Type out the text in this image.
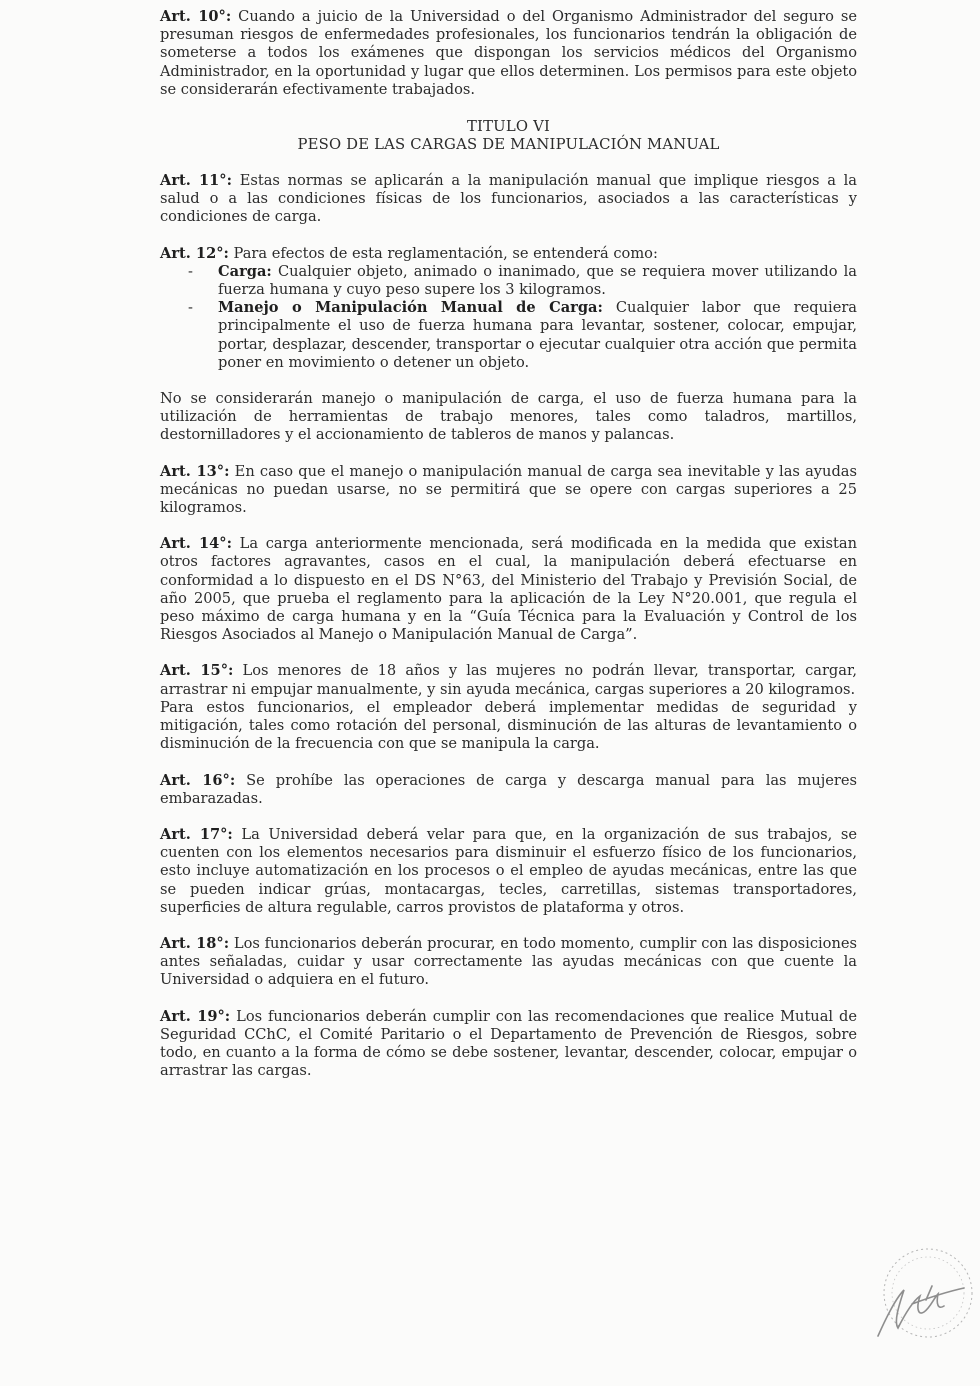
Art. 10°: Cuando a juicio de la Universidad o del Organismo Administrador del seguro se presuman riesgos de enfermedades profesionales, los funcionarios tendrán la obligación de someterse a todos los exámenes que dispongan los servicios médicos del Organismo Administrador, en la oportunidad y lugar que ellos determinen. Los permisos para este objeto se considerarán efectivamente trabajados.

TITULO VI
PESO DE LAS CARGAS DE MANIPULACIÓN MANUAL

Art. 11°: Estas normas se aplicarán a la manipulación manual que implique riesgos a la salud o a las condiciones físicas de los funcionarios, asociados a las características y condiciones de carga.

Art. 12°: Para efectos de esta reglamentación, se entenderá como:

- Carga: Cualquier objeto, animado o inanimado, que se requiera mover utilizando la fuerza humana y cuyo peso supere los 3 kilogramos.
- Manejo o Manipulación Manual de Carga: Cualquier labor que requiera principalmente el uso de fuerza humana para levantar, sostener, colocar, empujar, portar, desplazar, descender, transportar o ejecutar cualquier otra acción que permita poner en movimiento o detener un objeto.

No se considerarán manejo o manipulación de carga, el uso de fuerza humana para la utilización de herramientas de trabajo menores, tales como taladros, martillos, destornilladores y el accionamiento de tableros de manos y palancas.

Art. 13°: En caso que el manejo o manipulación manual de carga sea inevitable y las ayudas mecánicas no puedan usarse, no se permitirá que se opere con cargas superiores a 25 kilogramos.

Art. 14°: La carga anteriormente mencionada, será modificada en la medida que existan otros factores agravantes, casos en el cual, la manipulación deberá efectuarse en conformidad a lo dispuesto en el DS N°63, del Ministerio del Trabajo y Previsión Social, de año 2005, que prueba el reglamento para la aplicación de la Ley N°20.001, que regula el peso máximo de carga humana y en la “Guía Técnica para la Evaluación y Control de los Riesgos Asociados al Manejo o Manipulación Manual de Carga”.

Art. 15°: Los menores de 18 años y las mujeres no podrán llevar, transportar, cargar, arrastrar ni empujar manualmente, y sin ayuda mecánica, cargas superiores a 20 kilogramos.

Para estos funcionarios, el empleador deberá implementar medidas de seguridad y mitigación, tales como rotación del personal, disminución de las alturas de levantamiento o disminución de la frecuencia con que se manipula la carga.

Art. 16°: Se prohíbe las operaciones de carga y descarga manual para las mujeres embarazadas.

Art. 17°: La Universidad deberá velar para que, en la organización de sus trabajos, se cuenten con los elementos necesarios para disminuir el esfuerzo físico de los funcionarios, esto incluye automatización en los procesos o el empleo de ayudas mecánicas, entre las que se pueden indicar grúas, montacargas, tecles, carretillas, sistemas transportadores, superficies de altura regulable, carros provistos de plataforma y otros.

Art. 18°: Los funcionarios deberán procurar, en todo momento, cumplir con las disposiciones antes señaladas, cuidar y usar correctamente las ayudas mecánicas con que cuente la Universidad o adquiera en el futuro.

Art. 19°: Los funcionarios deberán cumplir con las recomendaciones que realice Mutual de Seguridad CChC, el Comité Paritario o el Departamento de Prevención de Riesgos, sobre todo, en cuanto a la forma de cómo se debe sostener, levantar, descender, colocar, empujar o arrastrar las cargas.
